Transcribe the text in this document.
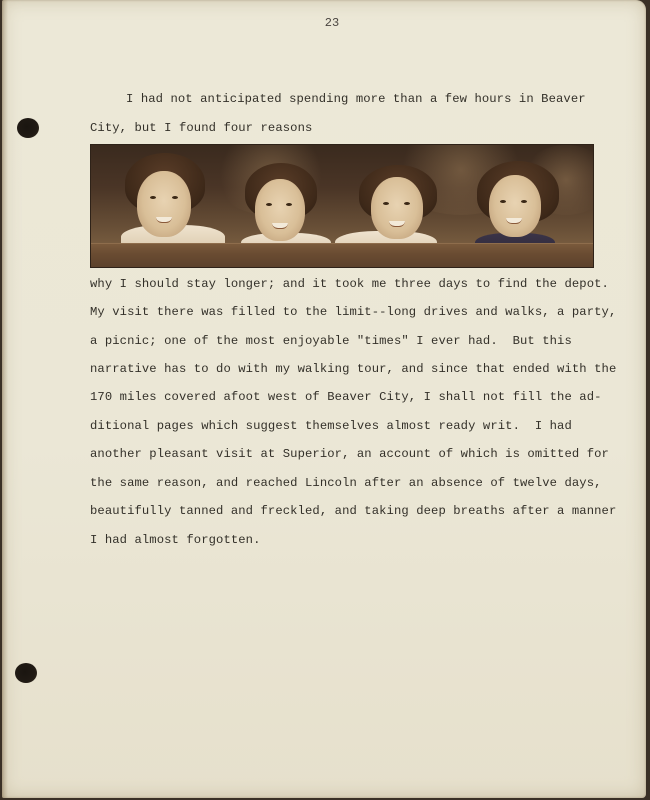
23
I had not anticipated spending more than a few hours in Beaver
City, but I found four reasons
why I should stay longer; and it took me three days to find the depot.
My visit there was filled to the limit--long drives and walks, a party,
a picnic; one of the most enjoyable "times" I ever had.  But this
narrative has to do with my walking tour, and since that ended with the
170 miles covered afoot west of Beaver City, I shall not fill the ad-
ditional pages which suggest themselves almost ready writ.  I had
another pleasant visit at Superior, an account of which is omitted for
the same reason, and reached Lincoln after an absence of twelve days,
beautifully tanned and freckled, and taking deep breaths after a manner
I had almost forgotten.
